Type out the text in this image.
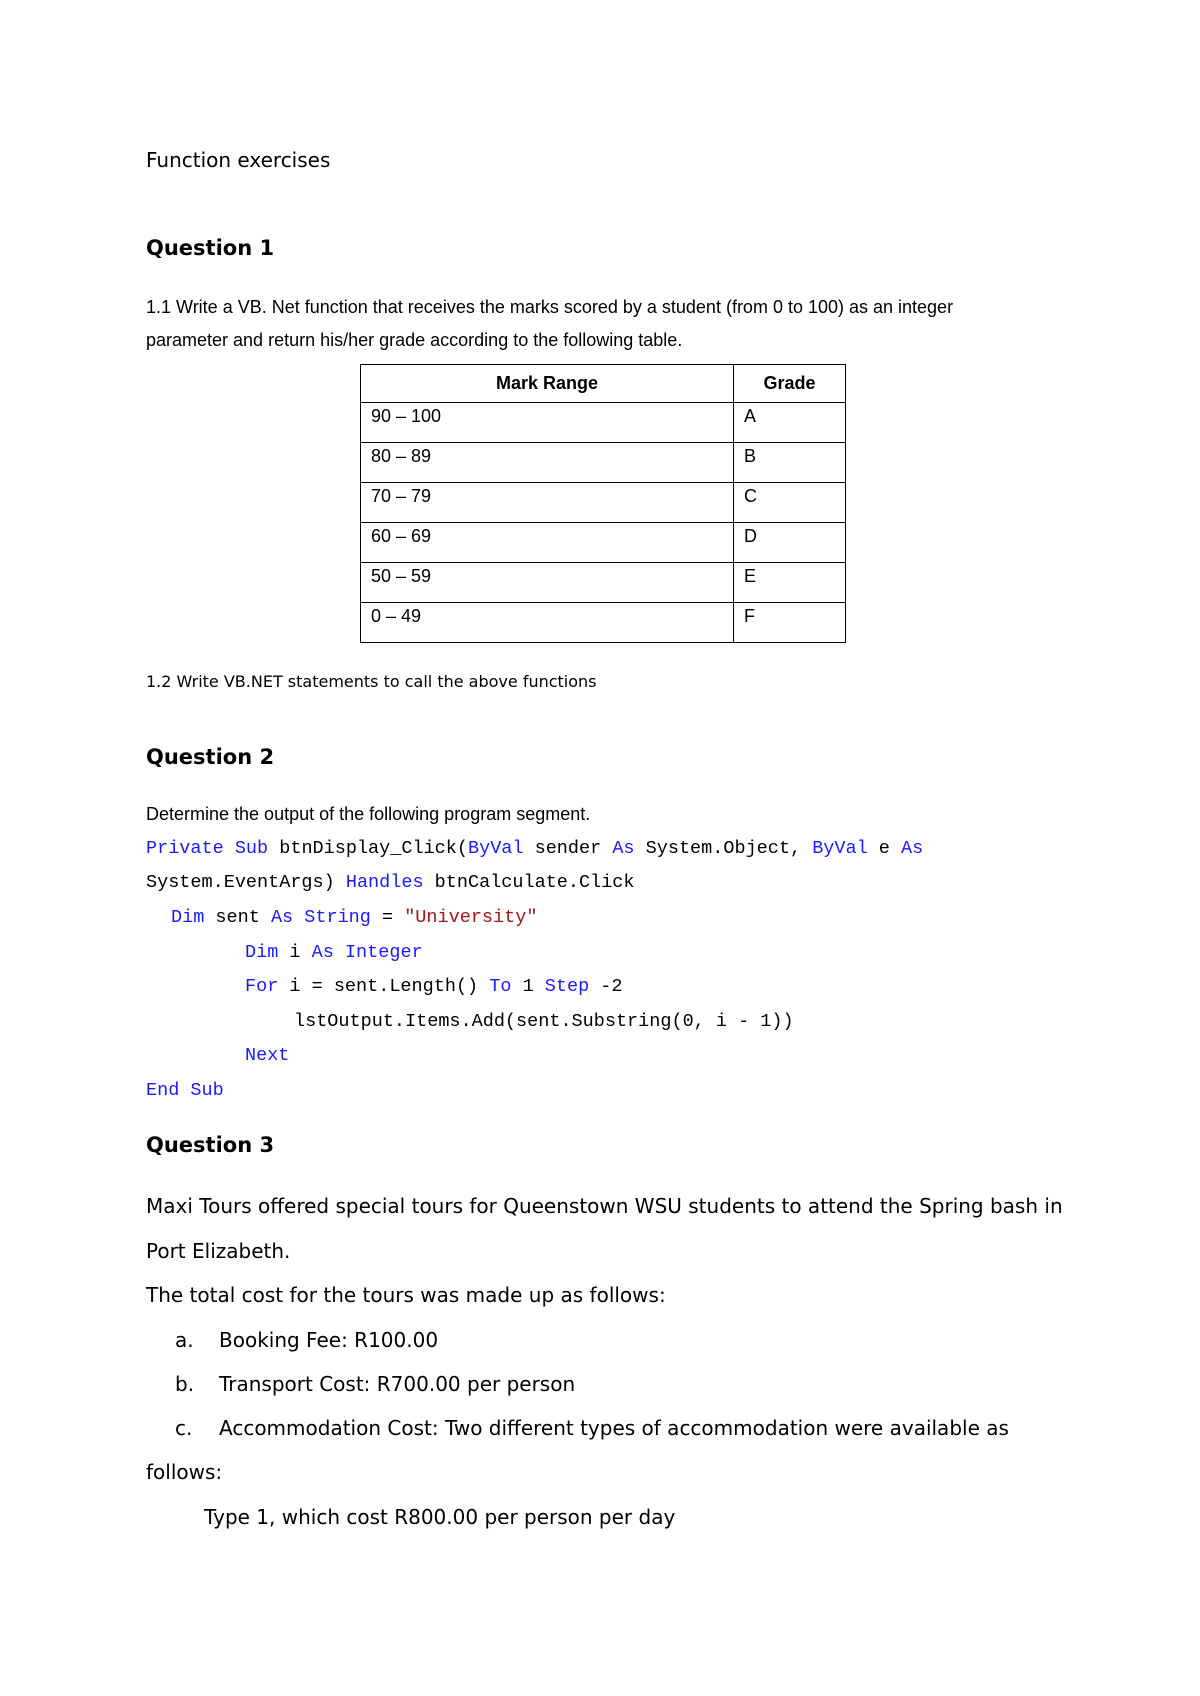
Function exercises
Question 1
1.1 Write a VB. Net function that receives the marks scored by a student (from 0 to 100) as an integer
parameter and return his/her grade according to the following table.
Mark Range	Grade
90 – 100	A
80 – 89	B
70 – 79	C
60 – 69	D
50 – 59	E
0 – 49	F
1.2 Write VB.NET statements to call the above functions
Question 2
Determine the output of the following program segment.
Private Sub btnDisplay_Click(ByVal sender As System.Object, ByVal e As
System.EventArgs) Handles btnCalculate.Click
Dim sent As String = "University"
Dim i As Integer
For i = sent.Length() To 1 Step -2
lstOutput.Items.Add(sent.Substring(0, i - 1))
Next
End Sub
Question 3
Maxi Tours offered special tours for Queenstown WSU students to attend the Spring bash in
Port Elizabeth.
The total cost for the tours was made up as follows:
a. Booking Fee: R100.00
b. Transport Cost: R700.00 per person
c. Accommodation Cost: Two different types of accommodation were available as
follows:
Type 1, which cost R800.00 per person per day
